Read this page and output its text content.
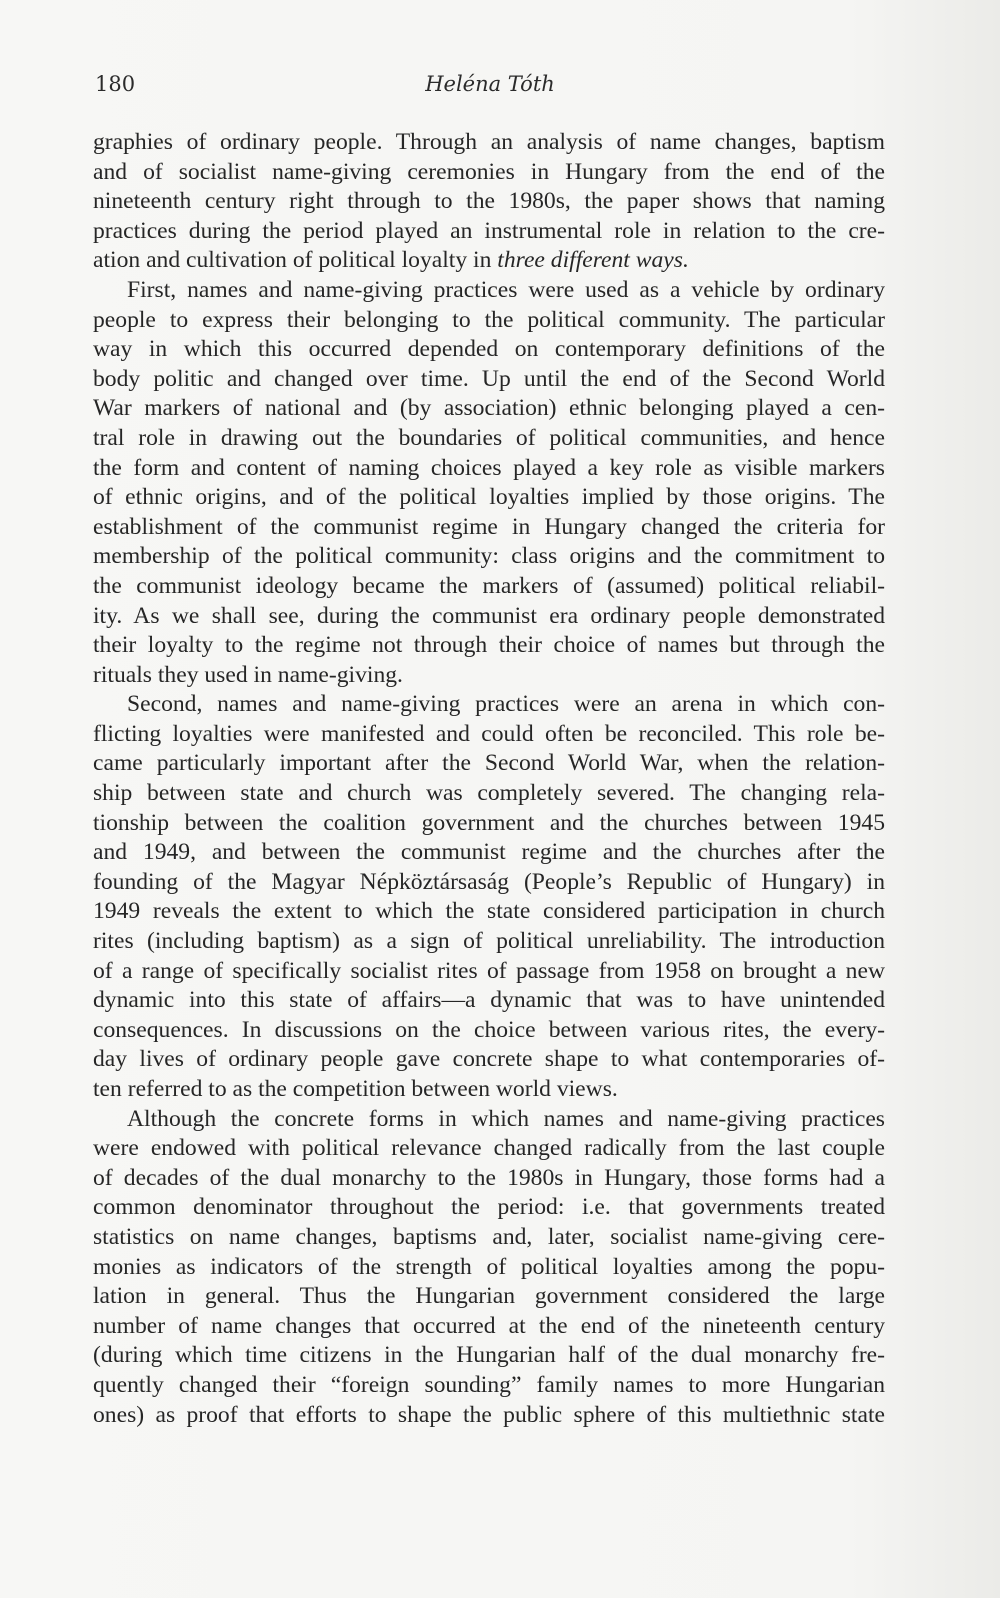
180	Heléna Tóth

graphies of ordinary people. Through an analysis of name changes, baptism

and of socialist name-giving ceremonies in Hungary from the end of the

nineteenth century right through to the 1980s, the paper shows that naming

practices during the period played an instrumental role in relation to the cre-

ation and cultivation of political loyalty in three different ways.

First, names and name-giving practices were used as a vehicle by ordinary

people to express their belonging to the political community. The particular

way in which this occurred depended on contemporary definitions of the

body politic and changed over time. Up until the end of the Second World

War markers of national and (by association) ethnic belonging played a cen-

tral role in drawing out the boundaries of political communities, and hence

the form and content of naming choices played a key role as visible markers

of ethnic origins, and of the political loyalties implied by those origins. The

establishment of the communist regime in Hungary changed the criteria for

membership of the political community: class origins and the commitment to

the communist ideology became the markers of (assumed) political reliabil-

ity. As we shall see, during the communist era ordinary people demonstrated

their loyalty to the regime not through their choice of names but through the

rituals they used in name-giving.

Second, names and name-giving practices were an arena in which con-

flicting loyalties were manifested and could often be reconciled. This role be-

came particularly important after the Second World War, when the relation-

ship between state and church was completely severed. The changing rela-

tionship between the coalition government and the churches between 1945

and 1949, and between the communist regime and the churches after the

founding of the Magyar Népköztársaság (People’s Republic of Hungary) in

1949 reveals the extent to which the state considered participation in church

rites (including baptism) as a sign of political unreliability. The introduction

of a range of specifically socialist rites of passage from 1958 on brought a new

dynamic into this state of affairs—a dynamic that was to have unintended

consequences. In discussions on the choice between various rites, the every-

day lives of ordinary people gave concrete shape to what contemporaries of-

ten referred to as the competition between world views.

Although the concrete forms in which names and name-giving practices

were endowed with political relevance changed radically from the last couple

of decades of the dual monarchy to the 1980s in Hungary, those forms had a

common denominator throughout the period: i.e. that governments treated

statistics on name changes, baptisms and, later, socialist name-giving cere-

monies as indicators of the strength of political loyalties among the popu-

lation in general. Thus the Hungarian government considered the large

number of name changes that occurred at the end of the nineteenth century

(during which time citizens in the Hungarian half of the dual monarchy fre-

quently changed their “foreign sounding” family names to more Hungarian

ones) as proof that efforts to shape the public sphere of this multiethnic state
